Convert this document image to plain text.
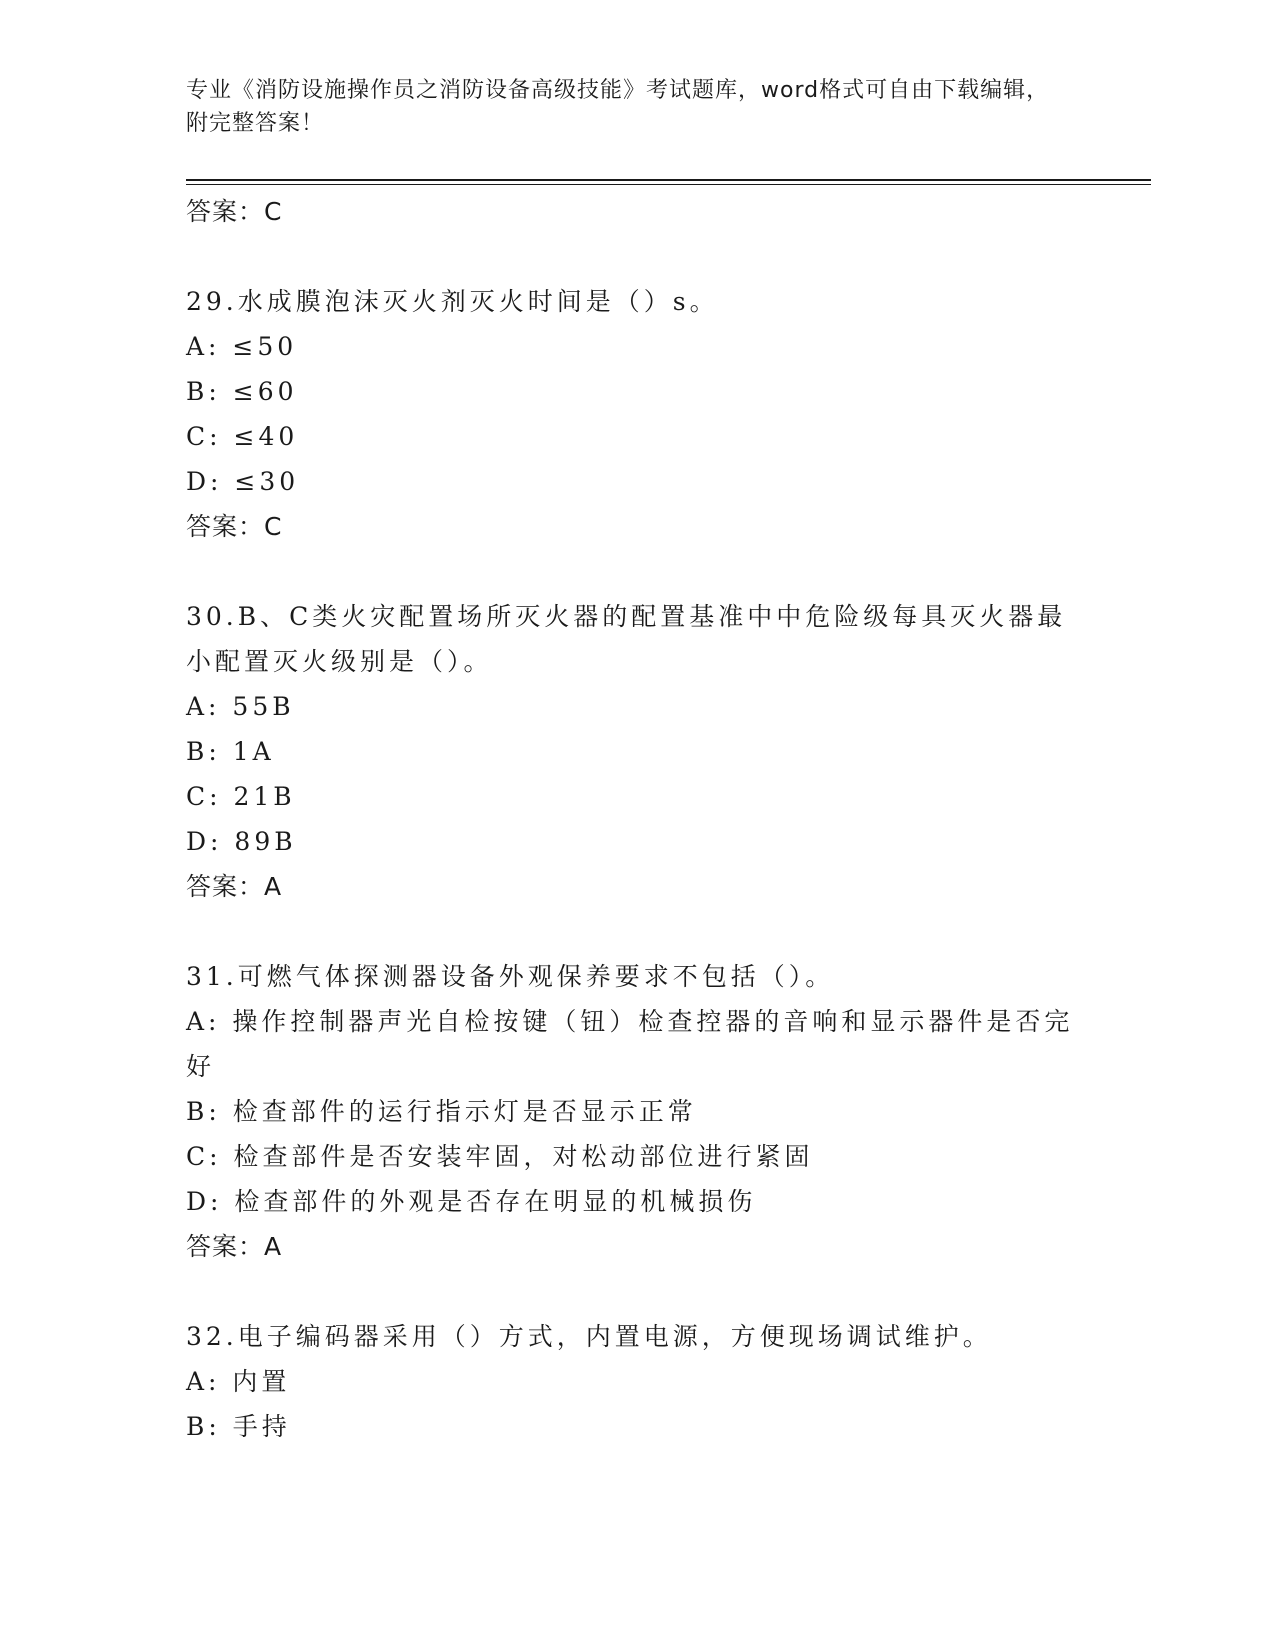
专业《消防设施操作员之消防设备高级技能》考试题库，word格式可自由下载编辑，附完整答案！
答案：C
29.水成膜泡沫灭火剂灭火时间是（）s。
A: ≤50
B: ≤60
C: ≤40
D: ≤30
答案：C
30.B、C类火灾配置场所灭火器的配置基准中中危险级每具灭火器最小配置灭火级别是（）。
A: 55B
B: 1A
C: 21B
D: 89B
答案：A
31.可燃气体探测器设备外观保养要求不包括（）。
A: 操作控制器声光自检按键（钮）检查控器的音响和显示器件是否完好
B: 检查部件的运行指示灯是否显示正常
C: 检查部件是否安装牢固，对松动部位进行紧固
D: 检查部件的外观是否存在明显的机械损伤
答案：A
32.电子编码器采用（）方式，内置电源，方便现场调试维护。
A: 内置
B: 手持
